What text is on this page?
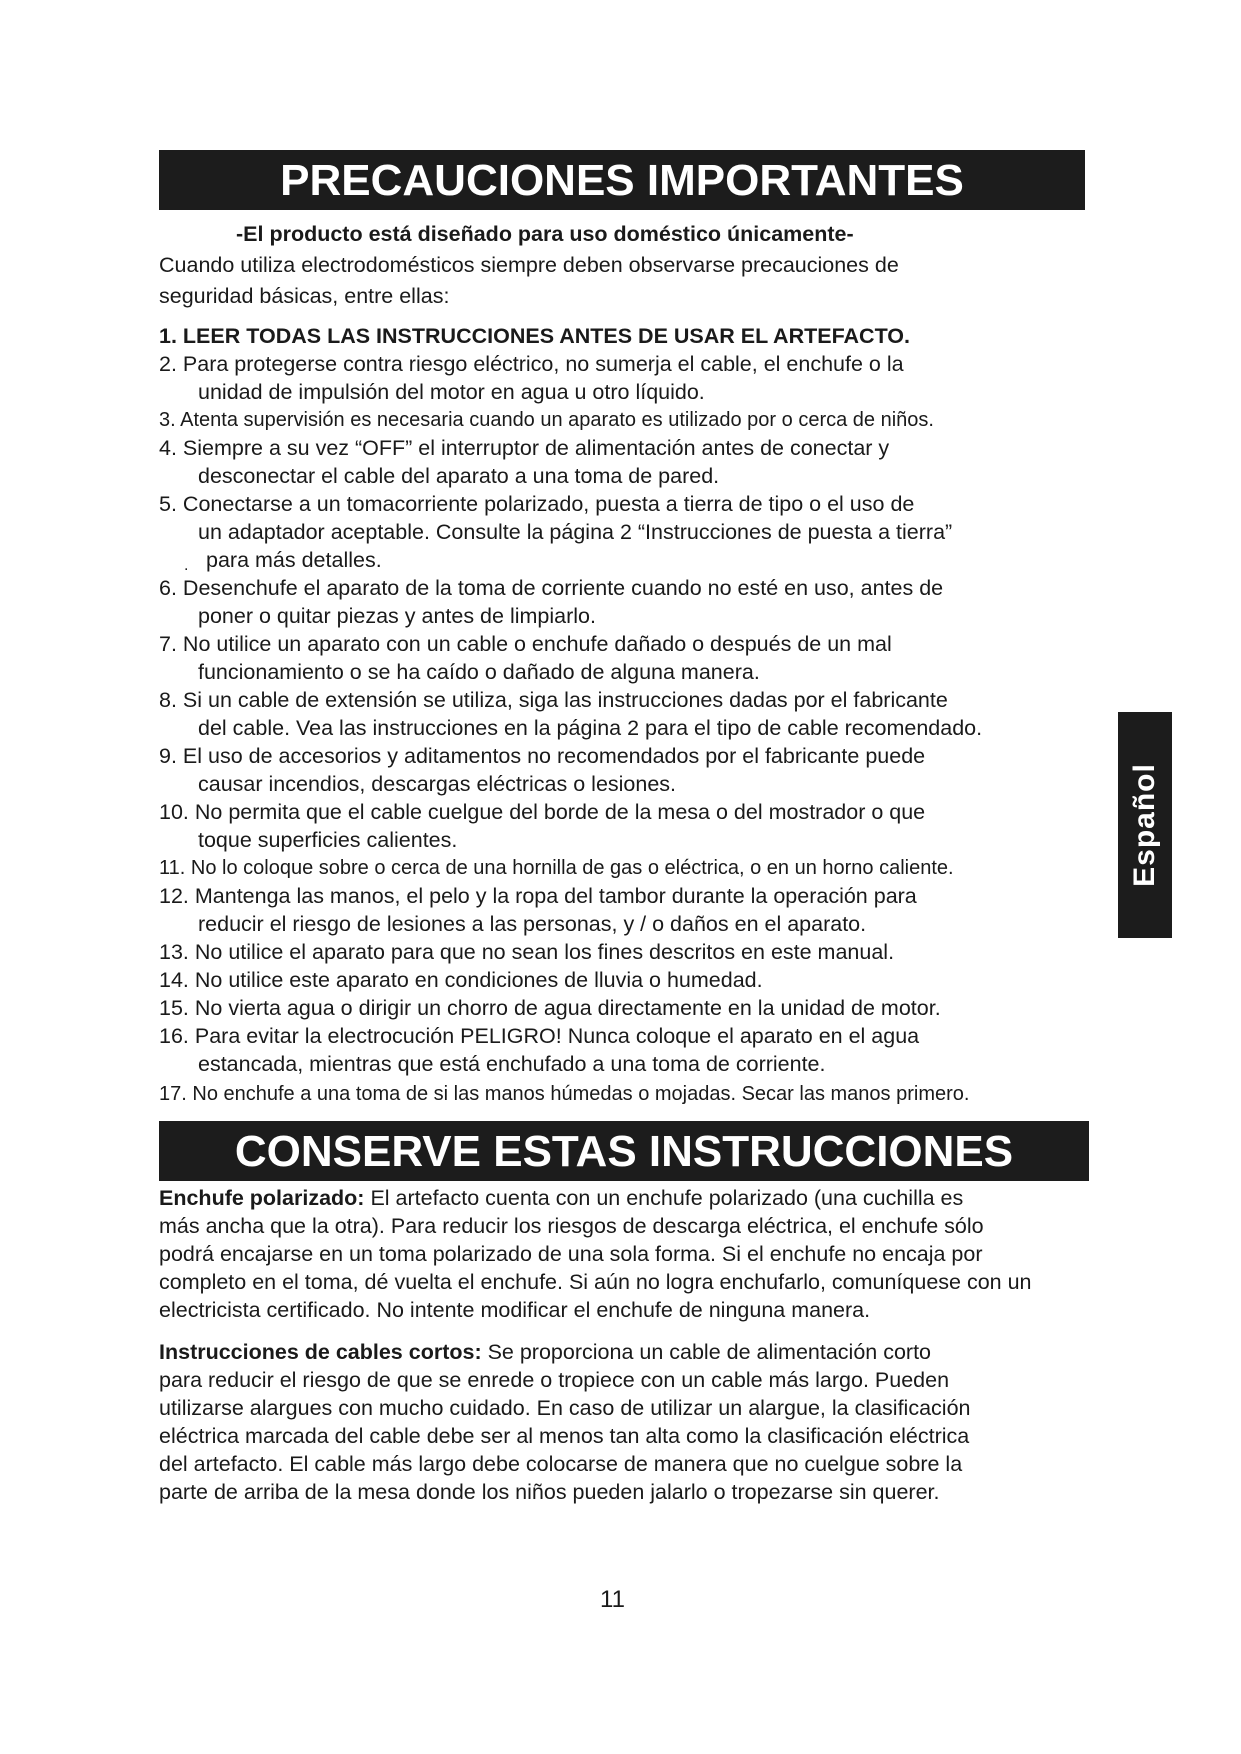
PRECAUCIONES IMPORTANTES
-El producto está diseñado para uso doméstico únicamente-
Cuando utiliza electrodomésticos siempre deben observarse precauciones de
seguridad básicas, entre ellas:
1. LEER TODAS LAS INSTRUCCIONES ANTES DE USAR EL ARTEFACTO.
2. Para protegerse contra riesgo eléctrico, no sumerja el cable, el enchufe o la
unidad de impulsión del motor en agua u otro líquido.
3. Atenta supervisión es necesaria cuando un aparato es utilizado por o cerca de niños.
4. Siempre a su vez “OFF” el interruptor de alimentación antes de conectar y
desconectar el cable del aparato a una toma de pared.
5. Conectarse a un tomacorriente polarizado, puesta a tierra de tipo o el uso de
un adaptador aceptable. Consulte la página 2 “Instrucciones de puesta a tierra”
. para más detalles.
6. Desenchufe el aparato de la toma de corriente cuando no esté en uso, antes de
poner o quitar piezas y antes de limpiarlo.
7. No utilice un aparato con un cable o enchufe dañado o después de un mal
funcionamiento o se ha caído o dañado de alguna manera.
8. Si un cable de extensión se utiliza, siga las instrucciones dadas por el fabricante
del cable. Vea las instrucciones en la página 2 para el tipo de cable recomendado.
9. El uso de accesorios y aditamentos no recomendados por el fabricante puede
causar incendios, descargas eléctricas o lesiones.
10. No permita que el cable cuelgue del borde de la mesa o del mostrador o que
toque superficies calientes.
11. No lo coloque sobre o cerca de una hornilla de gas o eléctrica, o en un horno caliente.
12. Mantenga las manos, el pelo y la ropa del tambor durante la operación para
reducir el riesgo de lesiones a las personas, y / o daños en el aparato.
13. No utilice el aparato para que no sean los fines descritos en este manual.
14. No utilice este aparato en condiciones de lluvia o humedad.
15. No vierta agua o dirigir un chorro de agua directamente en la unidad de motor.
16. Para evitar la electrocución PELIGRO! Nunca coloque el aparato en el agua
estancada, mientras que está enchufado a una toma de corriente.
17. No enchufe a una toma de si las manos húmedas o mojadas. Secar las manos primero.
CONSERVE ESTAS INSTRUCCIONES
Enchufe polarizado: El artefacto cuenta con un enchufe polarizado (una cuchilla es
más ancha que la otra). Para reducir los riesgos de descarga eléctrica, el enchufe sólo
podrá encajarse en un toma polarizado de una sola forma. Si el enchufe no encaja por
completo en el toma, dé vuelta el enchufe. Si aún no logra enchufarlo, comuníquese con un
electricista certificado. No intente modificar el enchufe de ninguna manera.
Instrucciones de cables cortos: Se proporciona un cable de alimentación corto
para reducir el riesgo de que se enrede o tropiece con un cable más largo. Pueden
utilizarse alargues con mucho cuidado. En caso de utilizar un alargue, la clasificación
eléctrica marcada del cable debe ser al menos tan alta como la clasificación eléctrica
del artefacto. El cable más largo debe colocarse de manera que no cuelgue sobre la
parte de arriba de la mesa donde los niños pueden jalarlo o tropezarse sin querer.
Español
11
